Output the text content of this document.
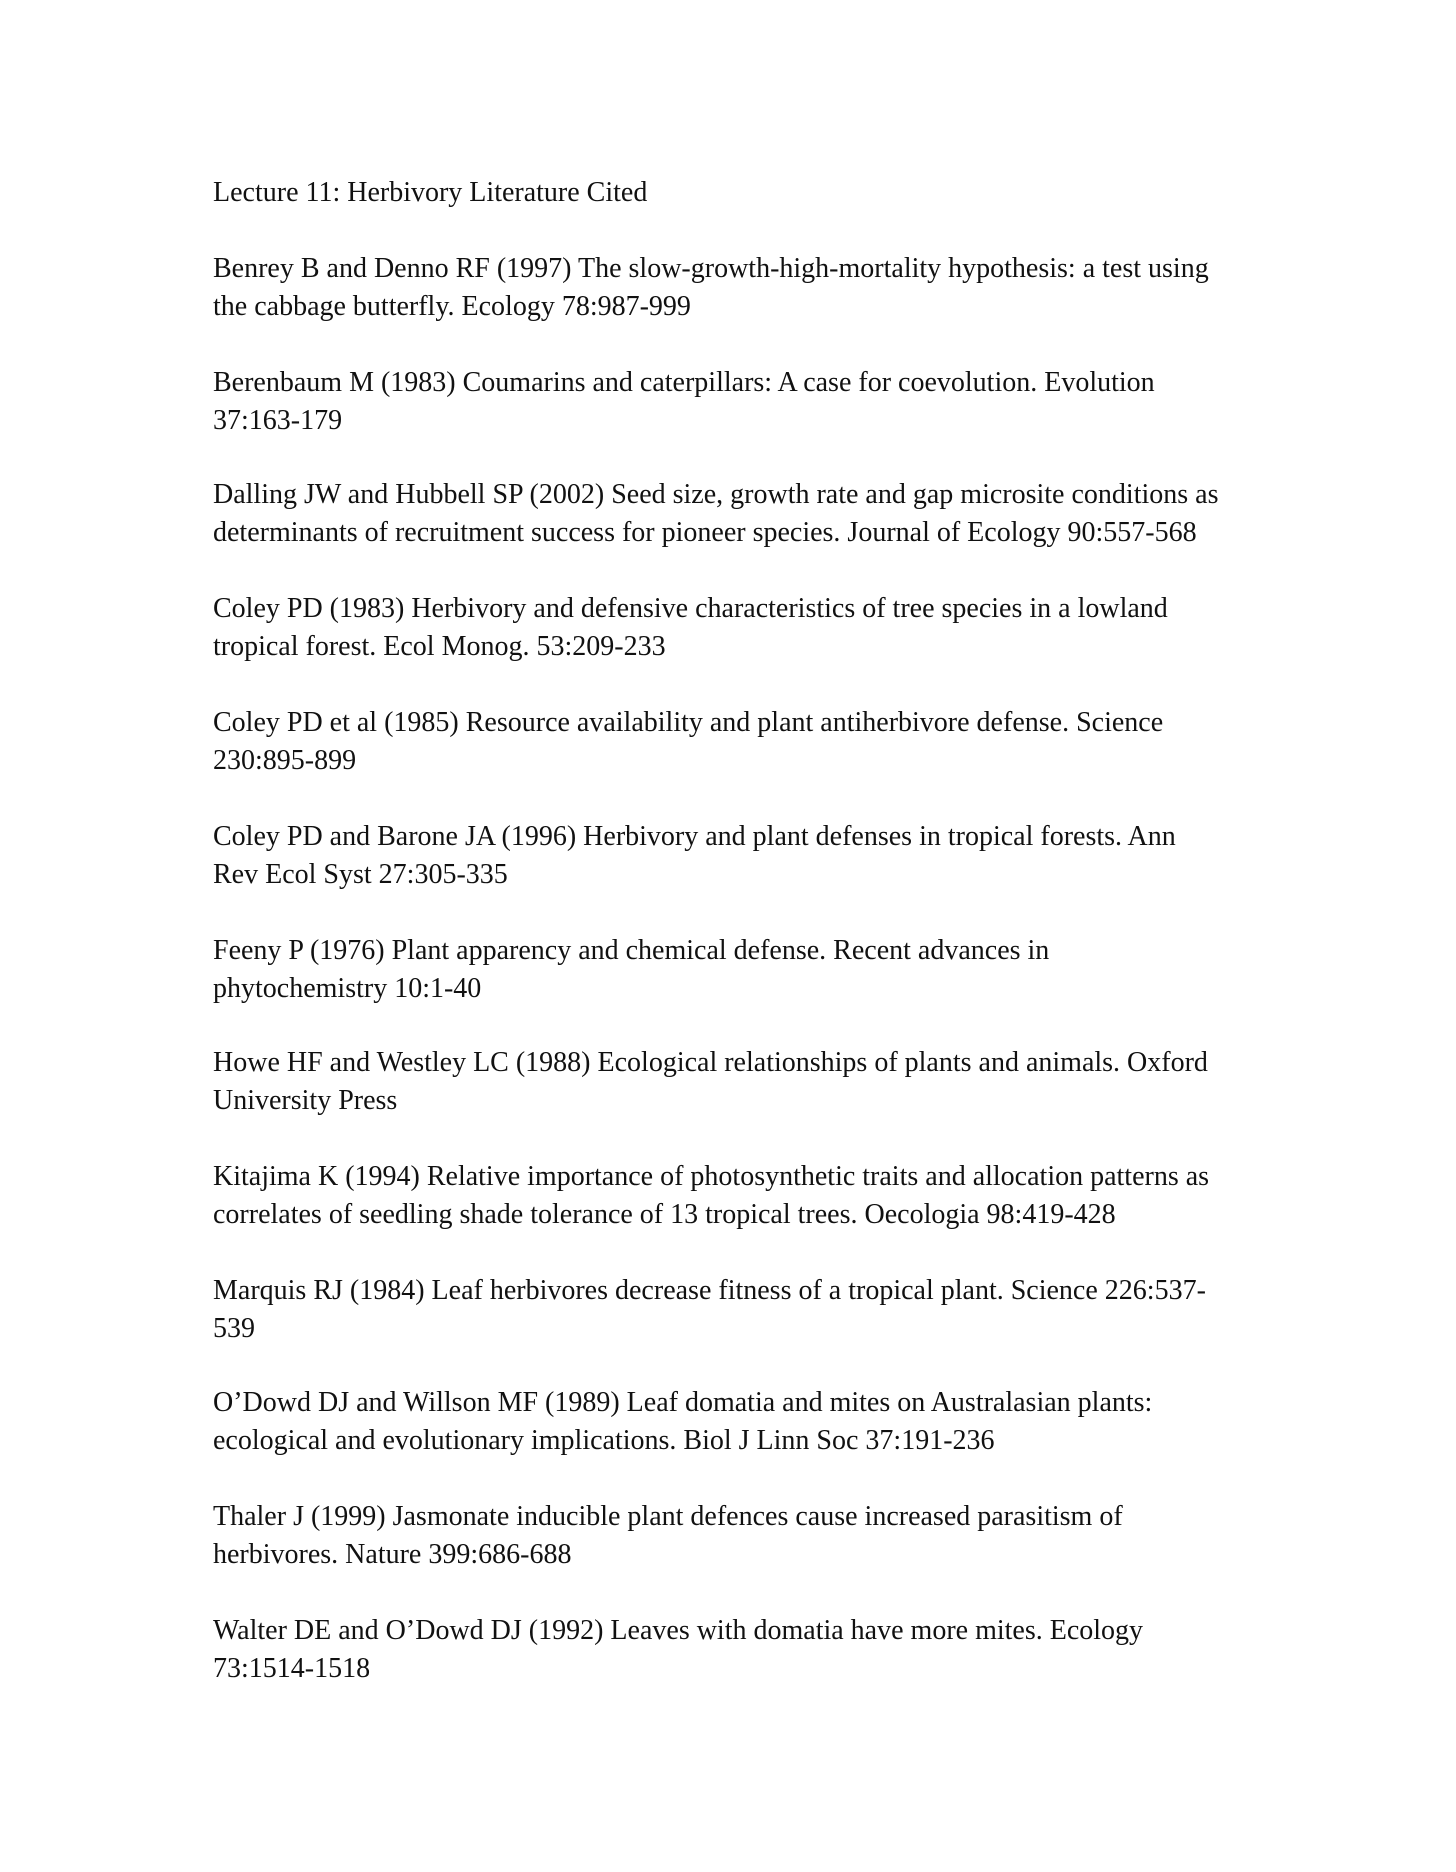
Lecture 11: Herbivory Literature Cited

Benrey B and Denno RF (1997) The slow-growth-high-mortality hypothesis: a test using
the cabbage butterfly. Ecology 78:987-999

Berenbaum M (1983) Coumarins and caterpillars: A case for coevolution. Evolution
37:163-179

Dalling JW and Hubbell SP (2002) Seed size, growth rate and gap microsite conditions as
determinants of recruitment success for pioneer species. Journal of Ecology 90:557-568

Coley PD (1983) Herbivory and defensive characteristics of tree species in a lowland
tropical forest. Ecol Monog. 53:209-233

Coley PD et al (1985) Resource availability and plant antiherbivore defense. Science
230:895-899

Coley PD and Barone JA (1996) Herbivory and plant defenses in tropical forests. Ann
Rev Ecol Syst 27:305-335

Feeny P (1976) Plant apparency and chemical defense. Recent advances in
phytochemistry 10:1-40

Howe HF and Westley LC (1988) Ecological relationships of plants and animals. Oxford
University Press

Kitajima K (1994) Relative importance of photosynthetic traits and allocation patterns as
correlates of seedling shade tolerance of 13 tropical trees. Oecologia 98:419-428

Marquis RJ (1984) Leaf herbivores decrease fitness of a tropical plant. Science 226:537-
539

O’Dowd DJ and Willson MF (1989) Leaf domatia and mites on Australasian plants:
ecological and evolutionary implications. Biol J Linn Soc 37:191-236

Thaler J (1999) Jasmonate inducible plant defences cause increased parasitism of
herbivores. Nature 399:686-688

Walter DE and O’Dowd DJ (1992) Leaves with domatia have more mites. Ecology
73:1514-1518
